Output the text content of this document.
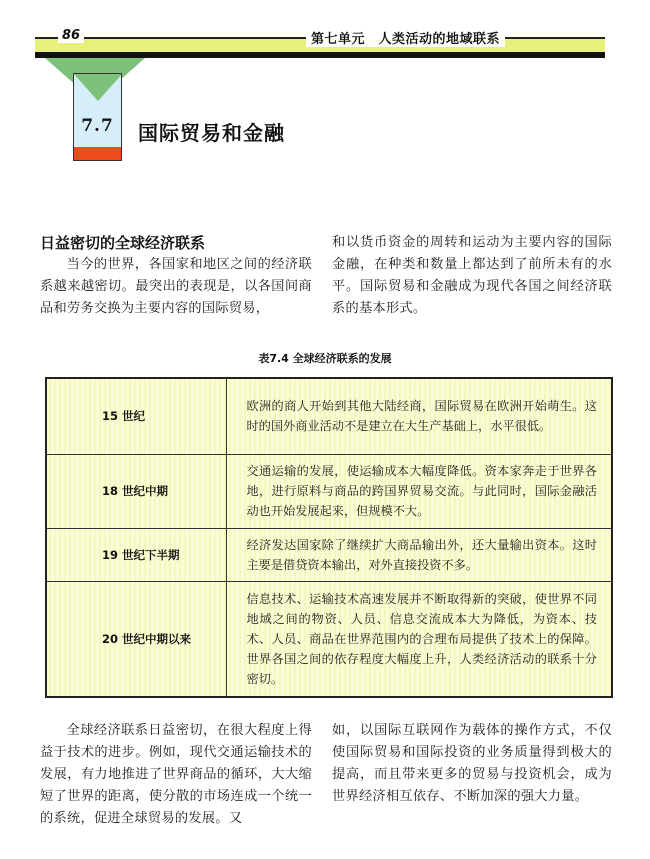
86	第七单元　人类活动的地域联系
7.7	国际贸易和金融
日益密切的全球经济联系
当今的世界，各国家和地区之间的经济联系越来越密切。最突出的表现是，以各国间商品和劳务交换为主要内容的国际贸易，
和以货币资金的周转和运动为主要内容的国际金融，在种类和数量上都达到了前所未有的水平。国际贸易和金融成为现代各国之间经济联系的基本形式。
表7.4 全球经济联系的发展
15 世纪	欧洲的商人开始到其他大陆经商，国际贸易在欧洲开始萌生。这时的国外商业活动不是建立在大生产基础上，水平很低。
18 世纪中期	交通运输的发展，使运输成本大幅度降低。资本家奔走于世界各地，进行原料与商品的跨国界贸易交流。与此同时，国际金融活动也开始发展起来，但规模不大。
19 世纪下半期	经济发达国家除了继续扩大商品输出外，还大量输出资本。这时主要是借贷资本输出，对外直接投资不多。
20 世纪中期以来	信息技术、运输技术高速发展并不断取得新的突破，使世界不同地域之间的物资、人员、信息交流成本大为降低，为资本、技术、人员、商品在世界范围内的合理布局提供了技术上的保障。世界各国之间的依存程度大幅度上升，人类经济活动的联系十分密切。
全球经济联系日益密切，在很大程度上得益于技术的进步。例如，现代交通运输技术的发展，有力地推进了世界商品的循环，大大缩短了世界的距离，使分散的市场连成一个统一的系统，促进全球贸易的发展。又
如，以国际互联网作为载体的操作方式，不仅使国际贸易和国际投资的业务质量得到极大的提高，而且带来更多的贸易与投资机会，成为世界经济相互依存、不断加深的强大力量。
